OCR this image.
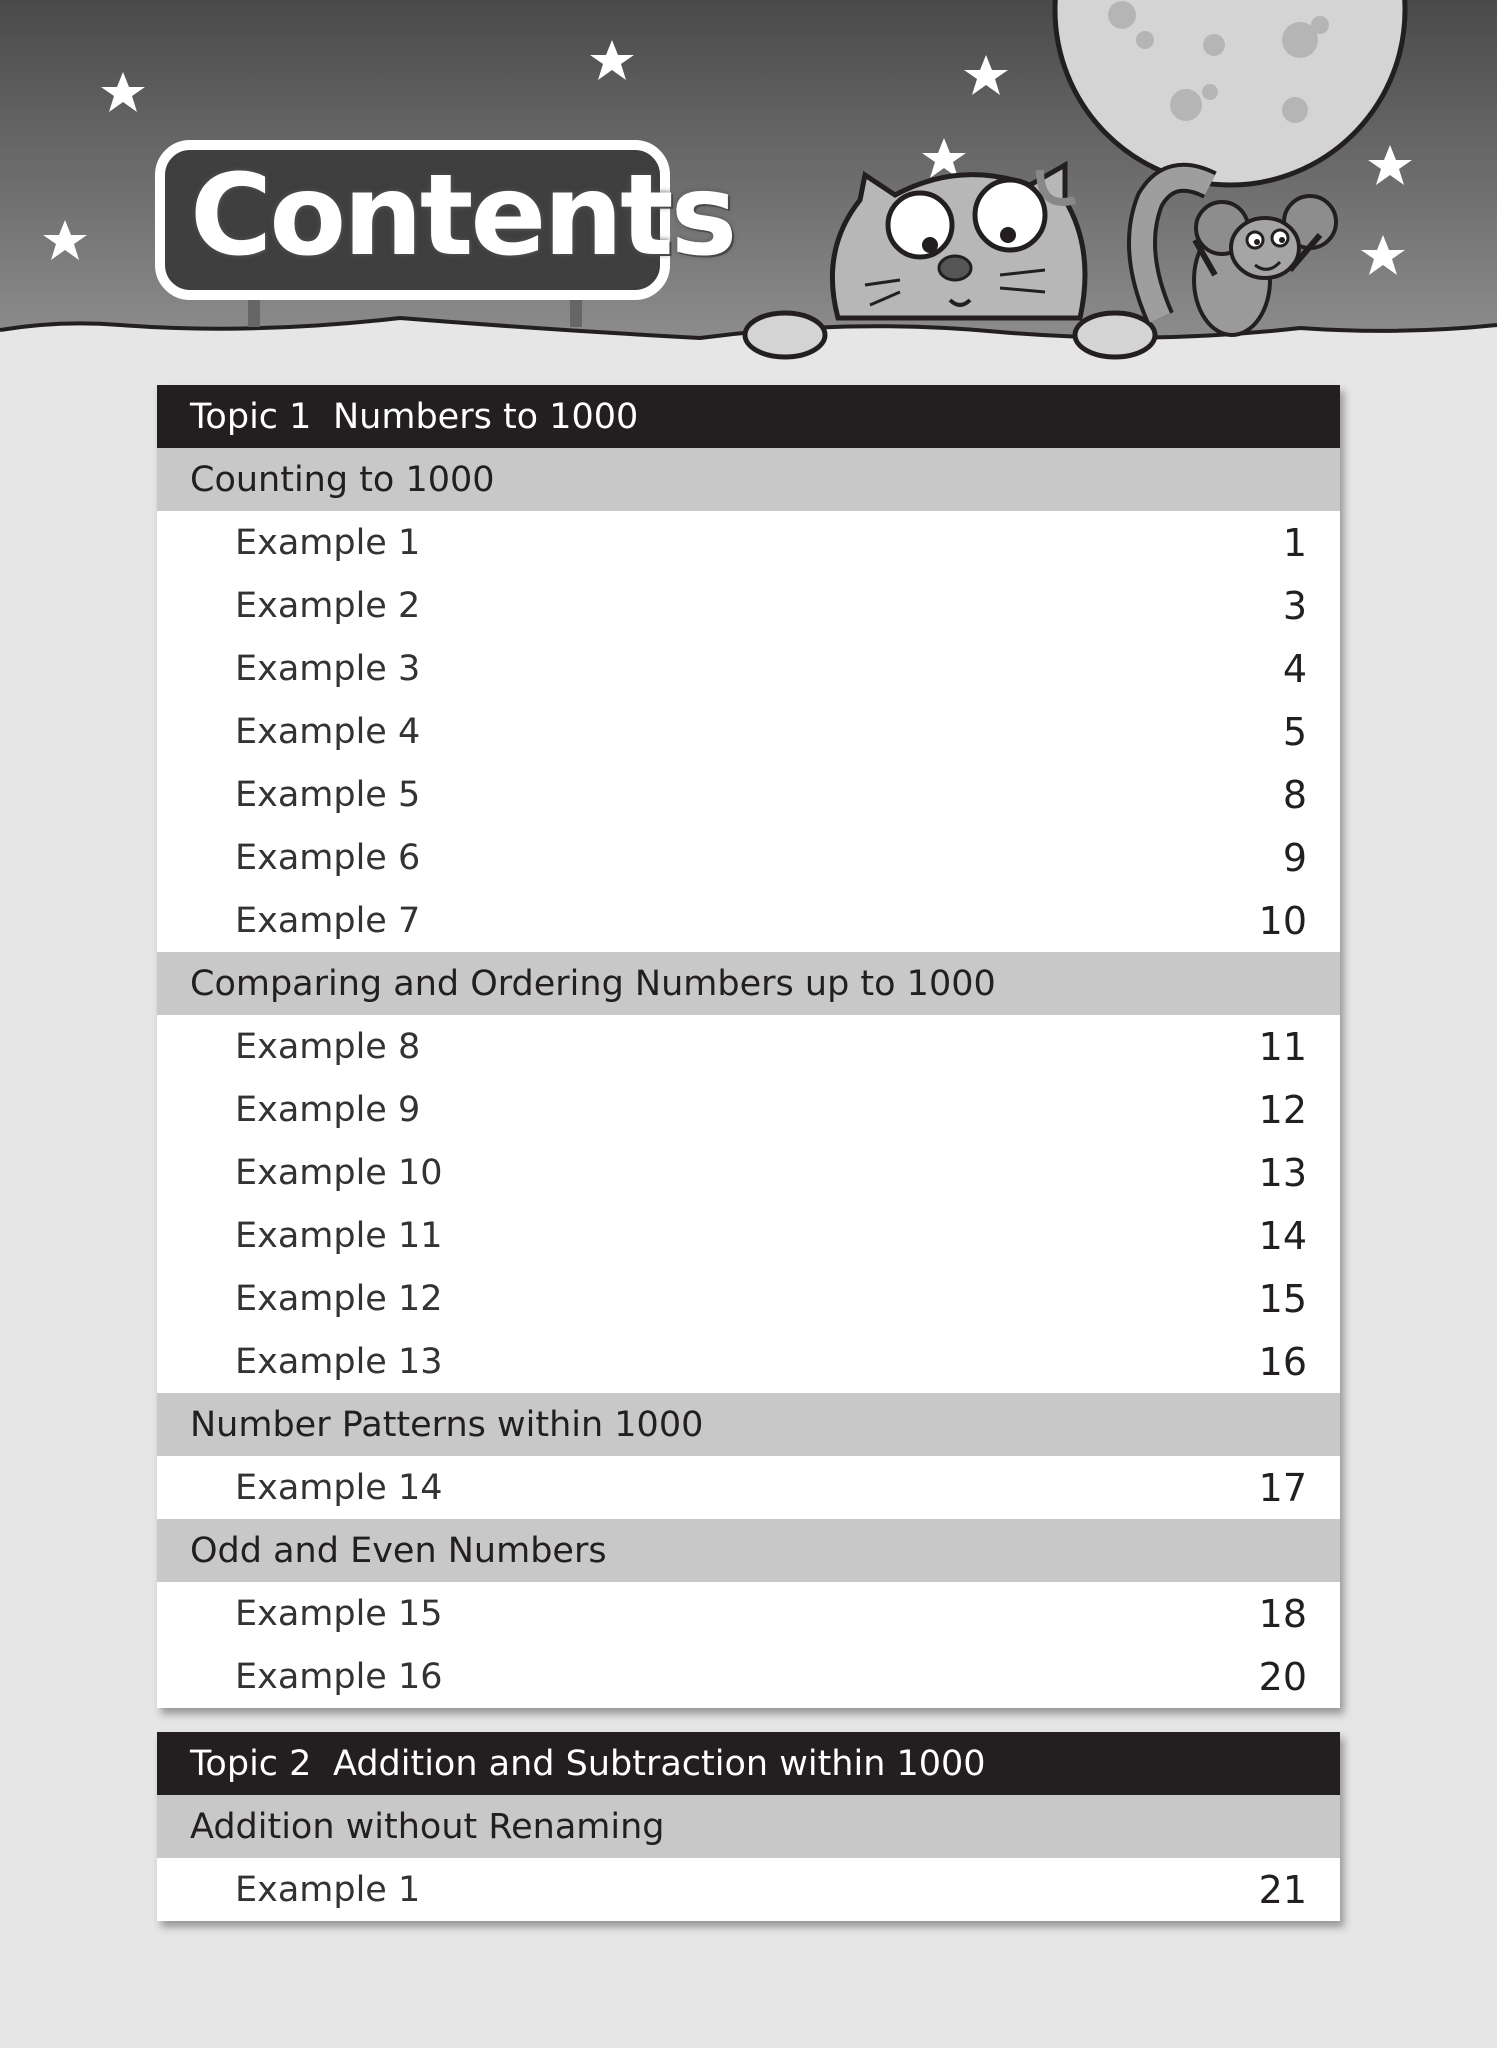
Contents
Topic 1 Numbers to 1000
Counting to 1000
Example 1	1
Example 2	3
Example 3	4
Example 4	5
Example 5	8
Example 6	9
Example 7	10
Comparing and Ordering Numbers up to 1000
Example 8	11
Example 9	12
Example 10	13
Example 11	14
Example 12	15
Example 13	16
Number Patterns within 1000
Example 14	17
Odd and Even Numbers
Example 15	18
Example 16	20
Topic 2 Addition and Subtraction within 1000
Addition without Renaming
Example 1	21
